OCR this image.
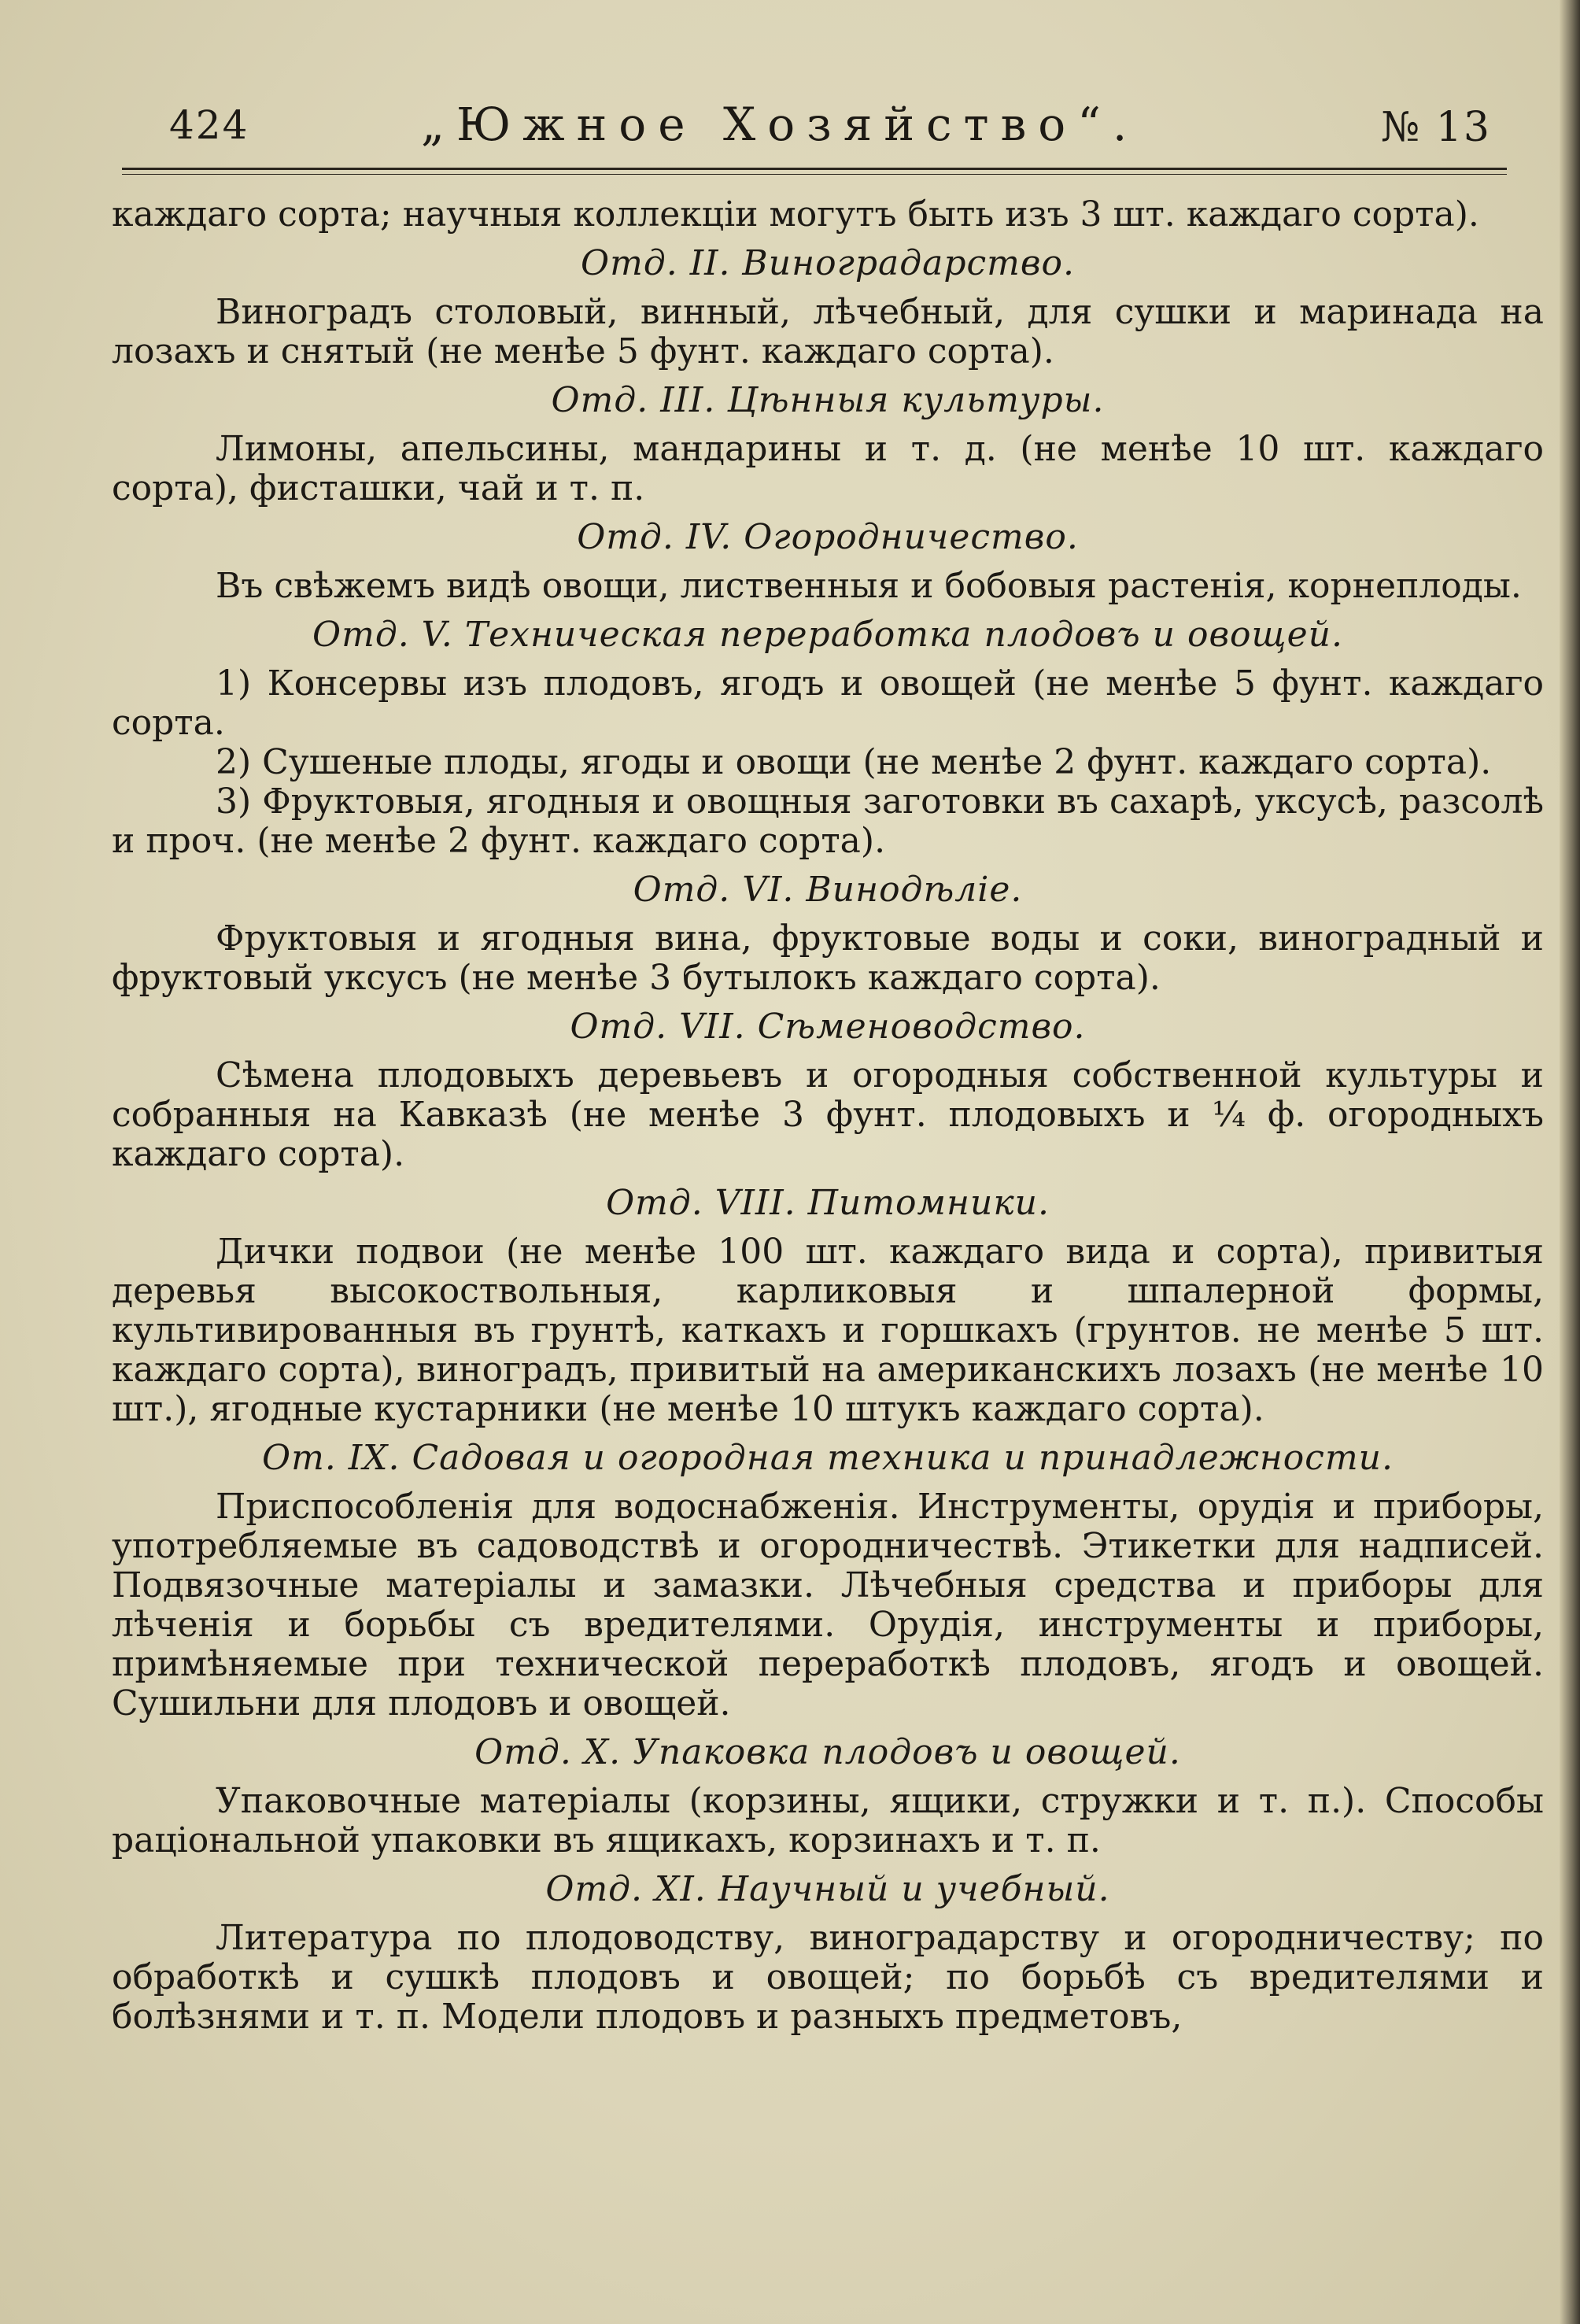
424	„Южное Хозяйство“.	№ 13

каждаго сорта; научныя коллекціи могутъ быть изъ 3 шт. каждаго сорта).

Отд. II. Виноградарство.

Виноградъ столовый, винный, лѣчебный, для сушки и маринада на лозахъ и снятый (не менѣе 5 фунт. каждаго сорта).

Отд. III. Цѣнныя культуры.

Лимоны, апельсины, мандарины и т. д. (не менѣе 10 шт. каждаго сорта), фисташки, чай и т. п.

Отд. IV. Огородничество.

Въ свѣжемъ видѣ овощи, лиственныя и бобовыя растенія, корнеплоды.

Отд. V. Техническая переработка плодовъ и овощей.

1) Консервы изъ плодовъ, ягодъ и овощей (не менѣе 5 фунт. каждаго сорта.

2) Сушеные плоды, ягоды и овощи (не менѣе 2 фунт. каждаго сорта).

3) Фруктовыя, ягодныя и овощныя заготовки въ сахарѣ, уксусѣ, разсолѣ и проч. (не менѣе 2 фунт. каждаго сорта).

Отд. VI. Винодѣліе.

Фруктовыя и ягодныя вина, фруктовые воды и соки, виноградный и фруктовый уксусъ (не менѣе 3 бутылокъ каждаго сорта).

Отд. VII. Сѣменоводство.

Сѣмена плодовыхъ деревьевъ и огородныя собственной культуры и собранныя на Кавказѣ (не менѣе 3 фунт. плодовыхъ и ¼ ф. огородныхъ каждаго сорта).

Отд. VIII. Питомники.

Дички подвои (не менѣе 100 шт. каждаго вида и сорта), привитыя деревья высокоствольныя, карликовыя и шпалерной формы, культивированныя въ грунтѣ, каткахъ и горшкахъ (грунтов. не менѣе 5 шт. каждаго сорта), виноградъ, привитый на американскихъ лозахъ (не менѣе 10 шт.), ягодные кустарники (не менѣе 10 штукъ каждаго сорта).

От. IX. Садовая и огородная техника и принадлежности.

Приспособленія для водоснабженія. Инструменты, орудія и приборы, употребляемые въ садоводствѣ и огородничествѣ. Этикетки для надписей. Подвязочные матеріалы и замазки. Лѣчебныя средства и приборы для лѣченія и борьбы съ вредителями. Орудія, инструменты и приборы, примѣняемые при технической переработкѣ плодовъ, ягодъ и овощей. Сушильни для плодовъ и овощей.

Отд. X. Упаковка плодовъ и овощей.

Упаковочные матеріалы (корзины, ящики, стружки и т. п.). Способы раціональной упаковки въ ящикахъ, корзинахъ и т. п.

Отд. XI. Научный и учебный.

Литература по плодоводству, виноградарству и огородничеству; по обработкѣ и сушкѣ плодовъ и овощей; по борьбѣ съ вредителями и болѣзнями и т. п. Модели плодовъ и разныхъ предметовъ,
